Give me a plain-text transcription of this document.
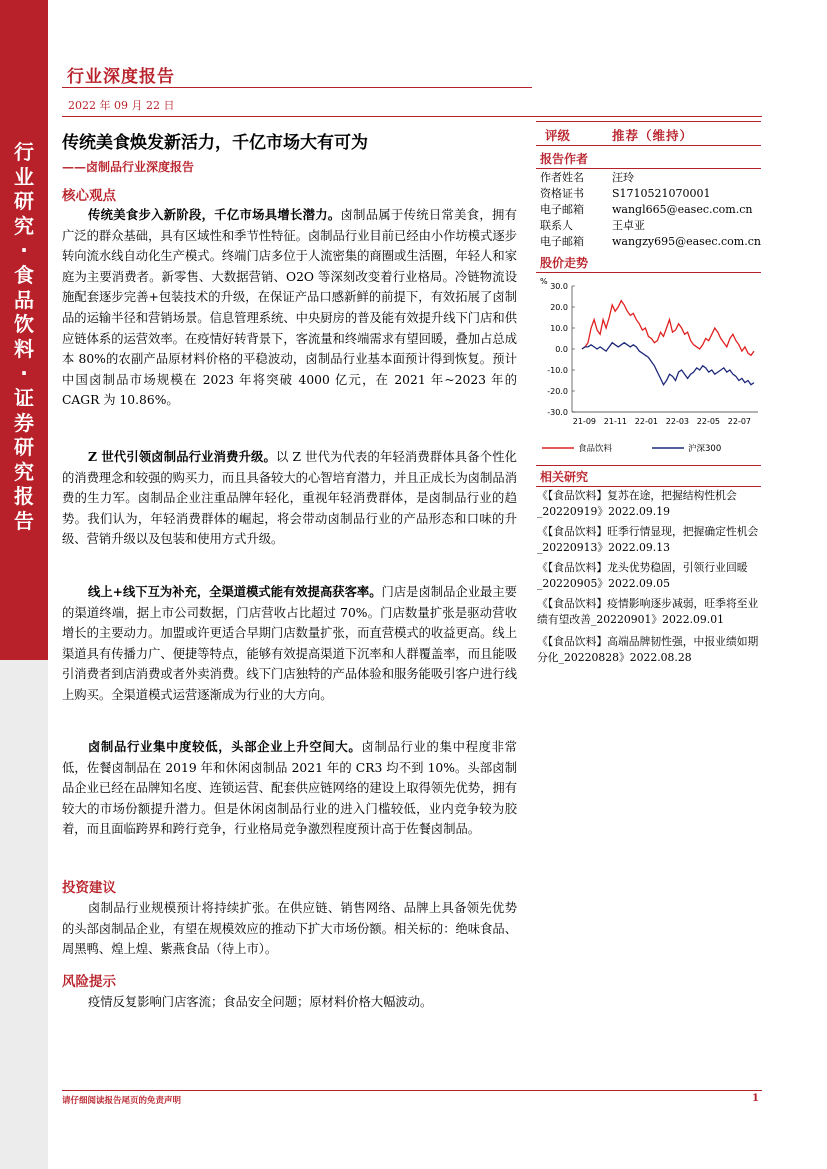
行
业
研
究
·
食
品
饮
料
·
证
券
研
究
报
告
行业深度报告
2022 年 09 月 22 日
传统美食焕发新活力，千亿市场大有可为
——卤制品行业深度报告
核心观点

传统美食步入新阶段，千亿市场具增长潜力。卤制品属于传统日常美食，拥有广泛的群众基础，具有区域性和季节性特征。卤制品行业目前已经由小作坊模式逐步转向流水线自动化生产模式。终端门店多位于人流密集的商圈或生活圈，年轻人和家庭为主要消费者。新零售、大数据营销、O2O 等深刻改变着行业格局。冷链物流设施配套逐步完善+包装技术的升级，在保证产品口感新鲜的前提下，有效拓展了卤制品的运输半径和营销场景。信息管理系统、中央厨房的普及能有效提升线下门店和供应链体系的运营效率。在疫情好转背景下，客流量和终端需求有望回暖，叠加占总成本 80%的农副产品原材料价格的平稳波动，卤制品行业基本面预计得到恢复。预计中国卤制品市场规模在 2023 年将突破 4000 亿元，在 2021 年~2023 年的 CAGR 为 10.86%。

Z 世代引领卤制品行业消费升级。以 Z 世代为代表的年轻消费群体具备个性化的消费理念和较强的购买力，而且具备较大的心智培育潜力，并且正成长为卤制品消费的生力军。卤制品企业注重品牌年轻化，重视年轻消费群体，是卤制品行业的趋势。我们认为，年轻消费群体的崛起，将会带动卤制品行业的产品形态和口味的升级、营销升级以及包装和使用方式升级。

线上+线下互为补充，全渠道模式能有效提高获客率。门店是卤制品企业最主要的渠道终端，据上市公司数据，门店营收占比超过 70%。门店数量扩张是驱动营收增长的主要动力。加盟或许更适合早期门店数量扩张，而直营模式的收益更高。线上渠道具有传播力广、便捷等特点，能够有效提高渠道下沉率和人群覆盖率，而且能吸引消费者到店消费或者外卖消费。线下门店独特的产品体验和服务能吸引客户进行线上购买。全渠道模式运营逐渐成为行业的大方向。

卤制品行业集中度较低，头部企业上升空间大。卤制品行业的集中程度非常低，佐餐卤制品在 2019 年和休闲卤制品 2021 年的 CR3 均不到 10%。头部卤制品企业已经在品牌知名度、连锁运营、配套供应链网络的建设上取得领先优势，拥有较大的市场份额提升潜力。但是休闲卤制品行业的进入门槛较低，业内竞争较为胶着，而且面临跨界和跨行竞争，行业格局竞争激烈程度预计高于佐餐卤制品。

投资建议

卤制品行业规模预计将持续扩张。在供应链、销售网络、品牌上具备领先优势的头部卤制品企业，有望在规模效应的推动下扩大市场份额。相关标的：绝味食品、周黑鸭、煌上煌、紫燕食品（待上市）。

风险提示

疫情反复影响门店客流；食品安全问题；原材料价格大幅波动。

评级	推荐（维持）
报告作者
作者姓名	汪玲
资格证书	S1710521070001
电子邮箱	wangl665@easec.com.cn
联系人	王卓亚
电子邮箱	wangzy695@easec.com.cn
股价走势
%
30.0
20.0
10.0
0.0
-10.0
-20.0
-30.0
21-09 21-11 22-01 22-03 22-05 22-07
食品饮料	沪深300
相关研究

《【食品饮料】复苏在途，把握结构性机会_20220919》2022.09.19

《【食品饮料】旺季行情显现，把握确定性机会_20220913》2022.09.13

《【食品饮料】龙头优势稳固，引领行业回暖_20220905》2022.09.05

《【食品饮料】疫情影响逐步减弱，旺季将至业绩有望改善_20220901》2022.09.01

《【食品饮料】高端品牌韧性强，中报业绩如期分化_20220828》2022.08.28

请仔细阅读报告尾页的免责声明	1
